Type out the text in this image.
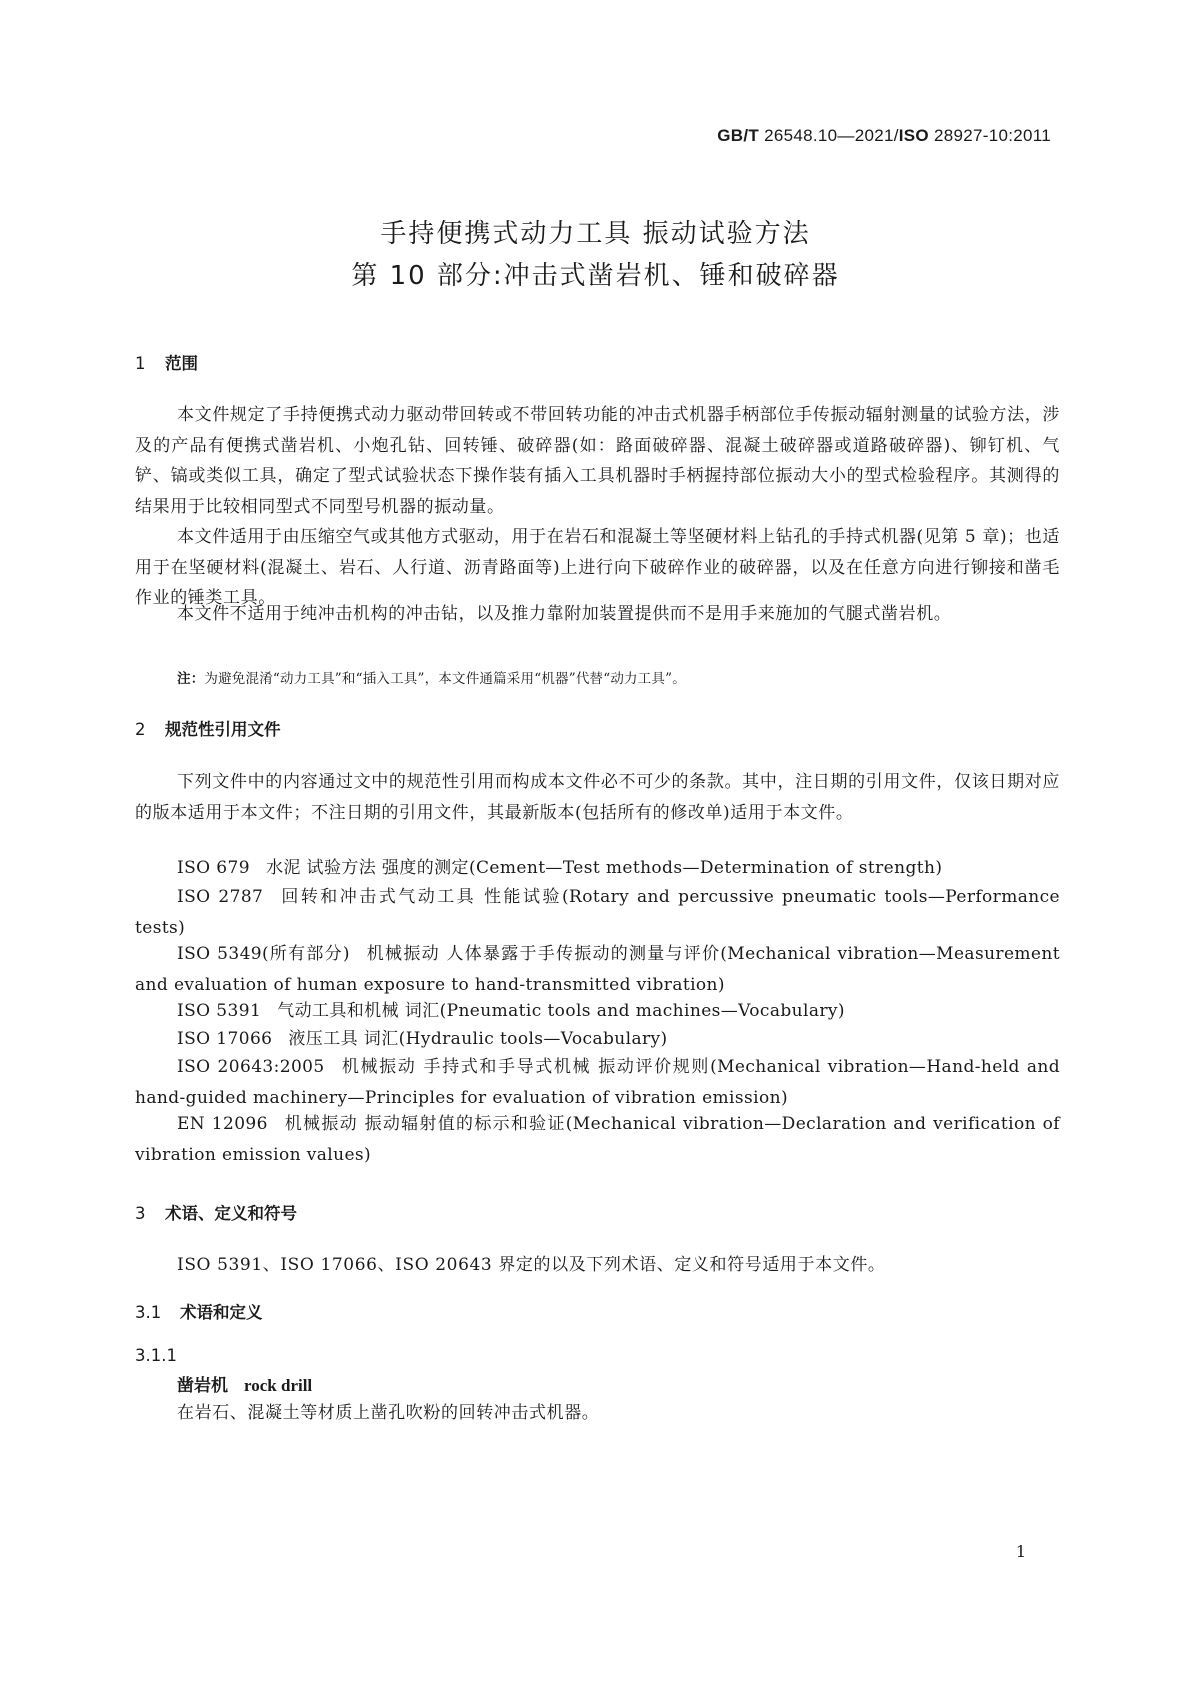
GB/T 26548.10—2021/ISO 28927-10:2011
手持便携式动力工具 振动试验方法
第 10 部分:冲击式凿岩机、锤和破碎器
1 范围
本文件规定了手持便携式动力驱动带回转或不带回转功能的冲击式机器手柄部位手传振动辐射测量的试验方法，涉及的产品有便携式凿岩机、小炮孔钻、回转锤、破碎器(如：路面破碎器、混凝土破碎器或道路破碎器)、铆钉机、气铲、镐或类似工具，确定了型式试验状态下操作装有插入工具机器时手柄握持部位振动大小的型式检验程序。其测得的结果用于比较相同型式不同型号机器的振动量。
本文件适用于由压缩空气或其他方式驱动，用于在岩石和混凝土等坚硬材料上钻孔的手持式机器(见第 5 章)；也适用于在坚硬材料(混凝土、岩石、人行道、沥青路面等)上进行向下破碎作业的破碎器，以及在任意方向进行铆接和凿毛作业的锤类工具。
本文件不适用于纯冲击机构的冲击钻，以及推力靠附加装置提供而不是用手来施加的气腿式凿岩机。
注：为避免混淆“动力工具”和“插入工具”，本文件通篇采用“机器”代替“动力工具”。
2 规范性引用文件
下列文件中的内容通过文中的规范性引用而构成本文件必不可少的条款。其中，注日期的引用文件，仅该日期对应的版本适用于本文件；不注日期的引用文件，其最新版本(包括所有的修改单)适用于本文件。
ISO 679 水泥 试验方法 强度的测定(Cement—Test methods—Determination of strength)
ISO 2787 回转和冲击式气动工具 性能试验(Rotary and percussive pneumatic tools—Performance tests)
ISO 5349(所有部分) 机械振动 人体暴露于手传振动的测量与评价(Mechanical vibration—Measurement and evaluation of human exposure to hand-transmitted vibration)
ISO 5391 气动工具和机械 词汇(Pneumatic tools and machines—Vocabulary)
ISO 17066 液压工具 词汇(Hydraulic tools—Vocabulary)
ISO 20643:2005 机械振动 手持式和手导式机械 振动评价规则(Mechanical vibration—Hand-held and hand-guided machinery—Principles for evaluation of vibration emission)
EN 12096 机械振动 振动辐射值的标示和验证(Mechanical vibration—Declaration and verification of vibration emission values)
3 术语、定义和符号
ISO 5391、ISO 17066、ISO 20643 界定的以及下列术语、定义和符号适用于本文件。
3.1 术语和定义
3.1.1
凿岩机 rock drill
在岩石、混凝土等材质上凿孔吹粉的回转冲击式机器。
1
